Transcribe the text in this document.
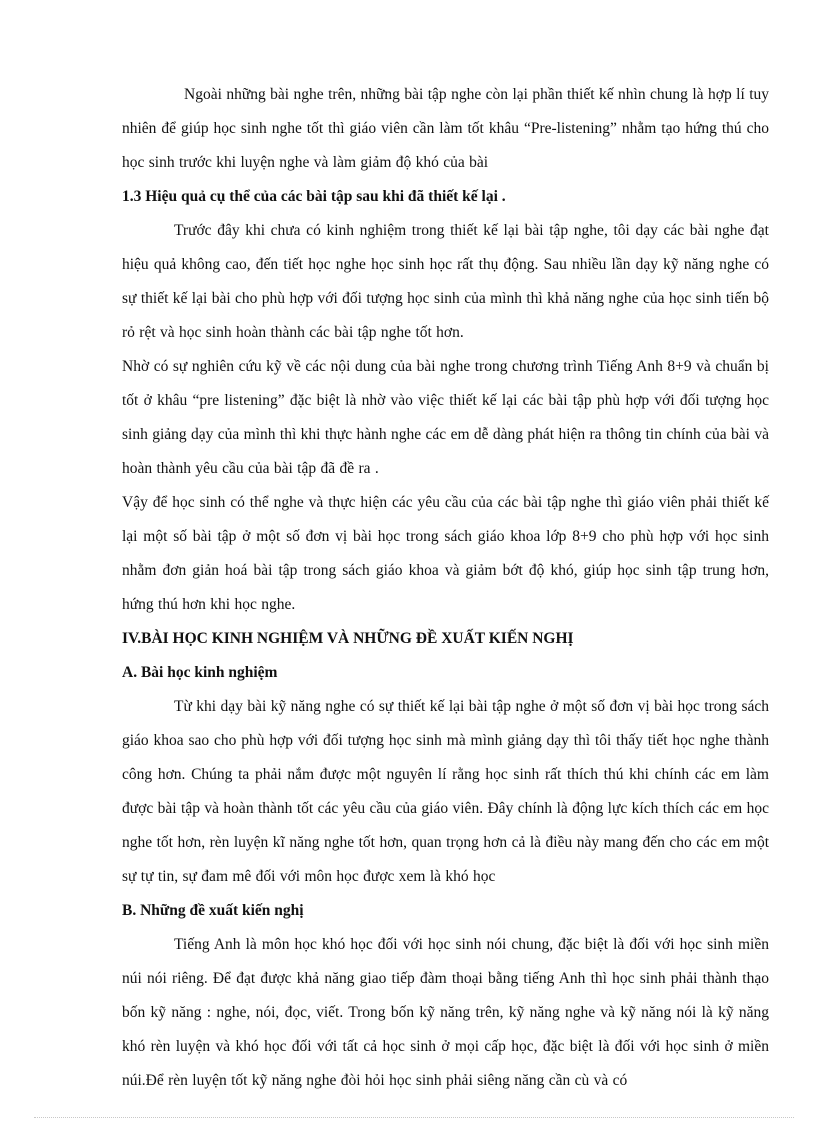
Ngoài những bài nghe trên, những bài tập nghe còn lại phần thiết kế nhìn chung là hợp lí tuy nhiên để giúp học sinh nghe tốt thì giáo viên cần làm tốt khâu “Pre-listening” nhằm tạo hứng thú cho học sinh trước khi luyện nghe và làm giảm độ khó của bài

1.3 Hiệu quả cụ thể của các bài tập sau khi đã thiết kế lại .

Trước đây khi chưa có kinh nghiệm trong thiết kế lại bài tập nghe, tôi dạy các bài nghe đạt hiệu quả không cao, đến tiết học nghe học sinh học rất thụ động. Sau nhiều lần dạy kỹ năng nghe có sự thiết kế lại bài cho phù hợp với đối tượng học sinh của mình thì khả năng nghe của học sinh tiến bộ rỏ rệt và học sinh hoàn thành các bài tập nghe tốt hơn.

Nhờ có sự nghiên cứu kỹ về các nội dung của bài nghe trong chương trình Tiếng Anh 8+9 và chuẩn bị tốt ở khâu “pre listening” đặc biệt là nhờ vào việc thiết kế lại các bài tập phù hợp với đối tượng học sinh giảng dạy của mình thì khi thực hành nghe các em dễ dàng phát hiện ra thông tin chính của bài và hoàn thành yêu cầu của bài tập đã đề ra .

Vậy để học sinh có thể nghe và thực hiện các yêu cầu của các bài tập nghe thì giáo viên phải thiết kế lại một số bài tập ở một số đơn vị bài học trong sách giáo khoa lớp 8+9 cho phù hợp với học sinh nhằm đơn giản hoá bài tập trong sách giáo khoa và giảm bớt độ khó, giúp học sinh tập trung hơn, hứng thú hơn khi học nghe.

IV.BÀI HỌC KINH NGHIỆM VÀ NHỮNG ĐỀ XUẤT KIẾN NGHỊ

A. Bài học kinh nghiệm

Từ khi dạy bài kỹ năng nghe có sự thiết kế lại bài tập nghe ở một số đơn vị bài học trong sách giáo khoa sao cho phù hợp với đối tượng học sinh mà mình giảng dạy thì tôi thấy tiết học nghe thành công hơn. Chúng ta phải nắm được một nguyên lí rằng học sinh rất thích thú khi chính các em làm được bài tập và hoàn thành tốt các yêu cầu của giáo viên. Đây chính là động lực kích thích các em học nghe tốt hơn, rèn luyện kĩ năng nghe tốt hơn, quan trọng hơn cả là điều này mang đến cho các em một sự tự tin, sự đam mê đối với môn học được xem là khó học

B. Những đề xuất kiến nghị

Tiếng Anh là môn học khó học đối với học sinh nói chung, đặc biệt là đối với học sinh miền núi nói riêng. Để đạt được khả năng giao tiếp đàm thoại bằng tiếng Anh thì học sinh phải thành thạo bốn kỹ năng : nghe, nói, đọc, viết. Trong bốn kỹ năng trên, kỹ năng nghe và kỹ năng nói là kỹ năng khó rèn luyện và khó học đối với tất cả học sinh ở mọi cấp học, đặc biệt là đối với học sinh ở miền núi.Để rèn luyện tốt kỹ năng nghe đòi hỏi học sinh phải siêng năng cần cù và có
